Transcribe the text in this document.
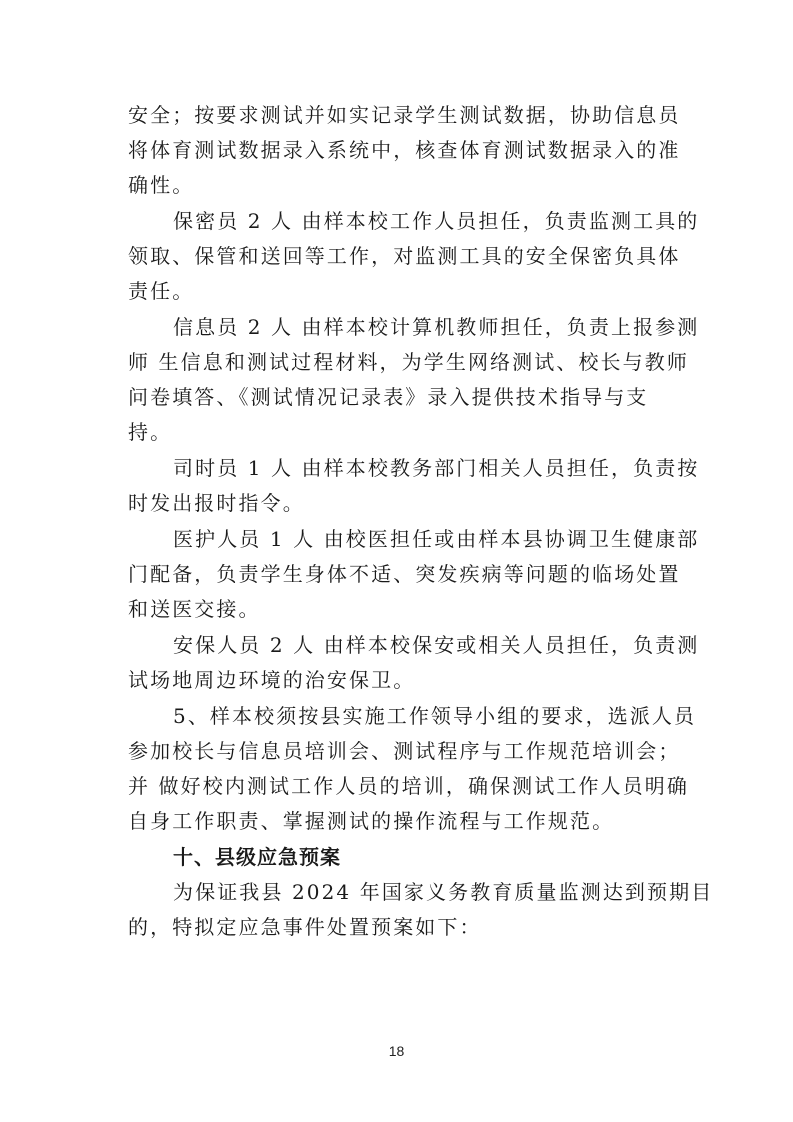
安全；按要求测试并如实记录学生测试数据，协助信息员
将体育测试数据录入系统中，核查体育测试数据录入的准
确性。

保密员 2 人 由样本校工作人员担任，负责监测工具的
领取、保管和送回等工作，对监测工具的安全保密负具体
责任。

信息员 2 人 由样本校计算机教师担任，负责上报参测
师 生信息和测试过程材料，为学生网络测试、校长与教师
问卷填答、《测试情况记录表》录入提供技术指导与支
持。

司时员 1 人 由样本校教务部门相关人员担任，负责按
时发出报时指令。

医护人员 1 人 由校医担任或由样本县协调卫生健康部
门配备，负责学生身体不适、突发疾病等问题的临场处置
和送医交接。

安保人员 2 人 由样本校保安或相关人员担任，负责测
试场地周边环境的治安保卫。

5、样本校须按县实施工作领导小组的要求，选派人员
参加校长与信息员培训会、测试程序与工作规范培训会；
并 做好校内测试工作人员的培训，确保测试工作人员明确
自身工作职责、掌握测试的操作流程与工作规范。

十、县级应急预案

为保证我县 2024 年国家义务教育质量监测达到预期目
的，特拟定应急事件处置预案如下：

18
